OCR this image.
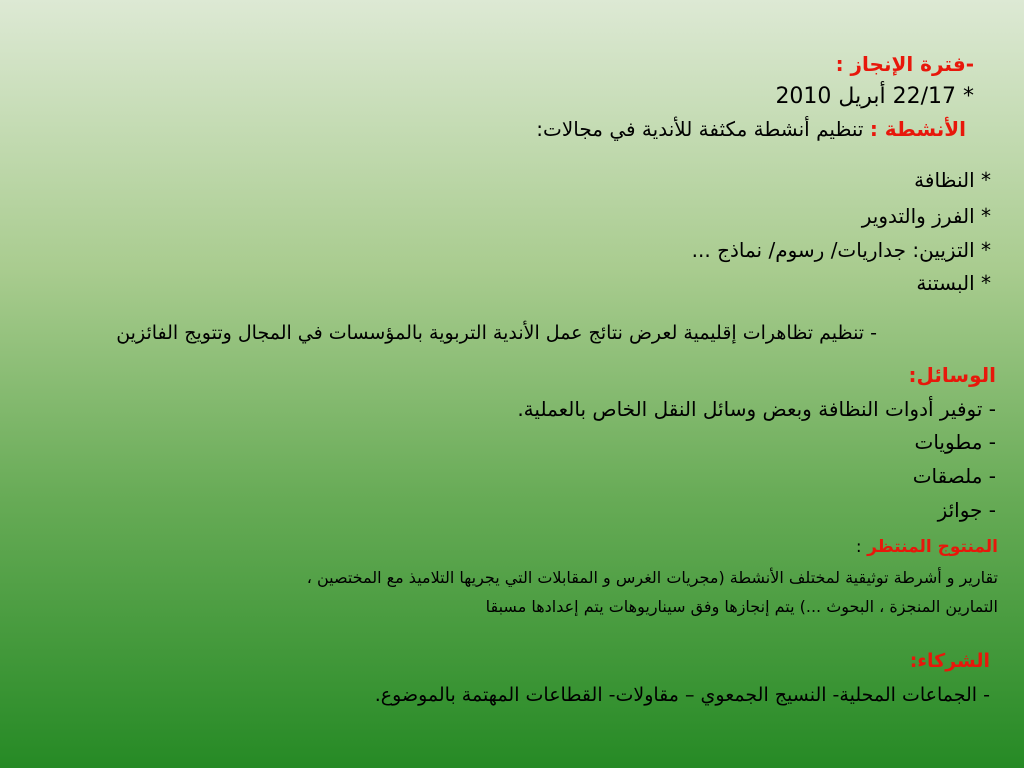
-فترة الإنجاز :
* 22/17 أبريل 2010
الأنشطة : تنظيم أنشطة مكثفة للأندية في مجالات:
* النظافة
* الفرز والتدوير
* التزيين: جداريات/ رسوم/ نماذج ...
* البستنة
- تنظيم تظاهرات إقليمية لعرض نتائج عمل الأندية التربوية بالمؤسسات في المجال وتتويج الفائزين
الوسائل:
- توفير أدوات النظافة وبعض وسائل النقل الخاص بالعملية.
- مطويات
- ملصقات
- جوائز
المنتوج المنتظر :
تقارير و أشرطة توثيقية لمختلف الأنشطة (مجريات الغرس و المقابلات التي يجريها التلاميذ مع المختصين ،
التمارين المنجزة ، البحوث ...) يتم إنجازها وفق سيناريوهات يتم إعدادها مسبقا
الشركاء:
- الجماعات المحلية- النسيج الجمعوي – مقاولات- القطاعات المهتمة بالموضوع.
